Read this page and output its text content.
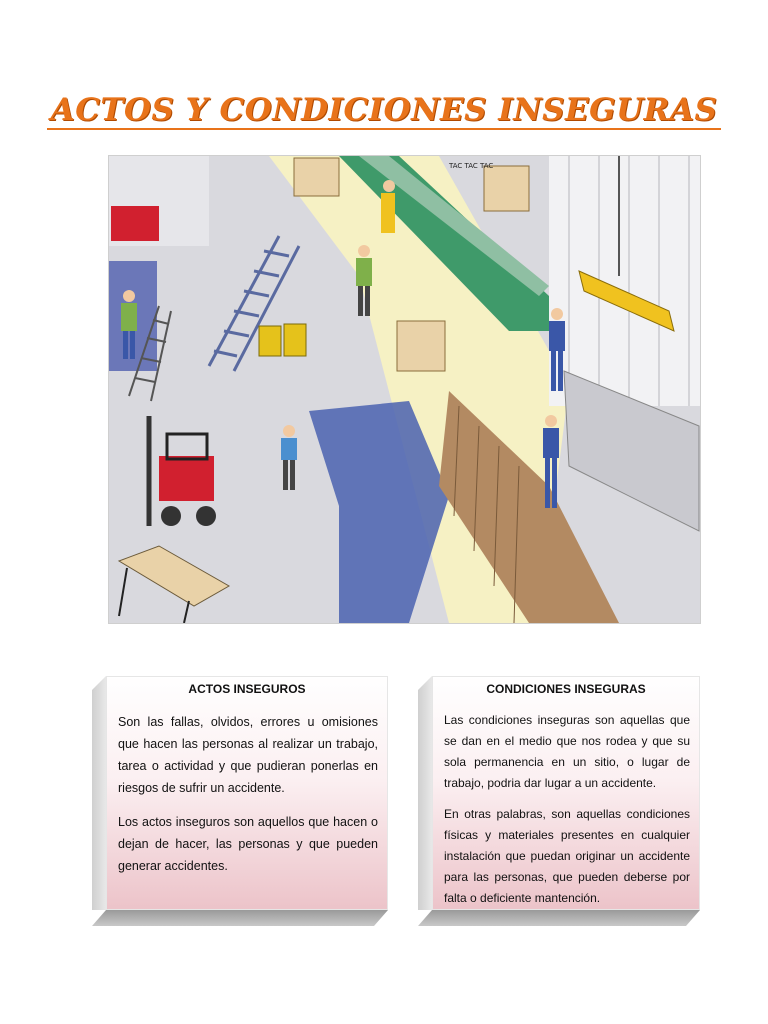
ACTOS Y CONDICIONES INSEGURAS
TAC TAC TAC
ACTOS INSEGUROS

Son las fallas, olvidos, errores u omisiones que hacen las personas al realizar un trabajo, tarea o actividad y que pudieran ponerlas en riesgos de sufrir un accidente.

Los actos inseguros son aquellos que hacen o dejan de hacer, las personas y que pueden generar accidentes.

CONDICIONES INSEGURAS

Las condiciones inseguras son aquellas que se dan en el medio que nos rodea y que su sola permanencia en un sitio, o lugar de trabajo, podria dar lugar a un accidente.

En otras palabras, son aquellas condiciones físicas y materiales presentes en cualquier instalación que puedan originar un accidente para las personas, que pueden deberse por falta o deficiente mantención.
